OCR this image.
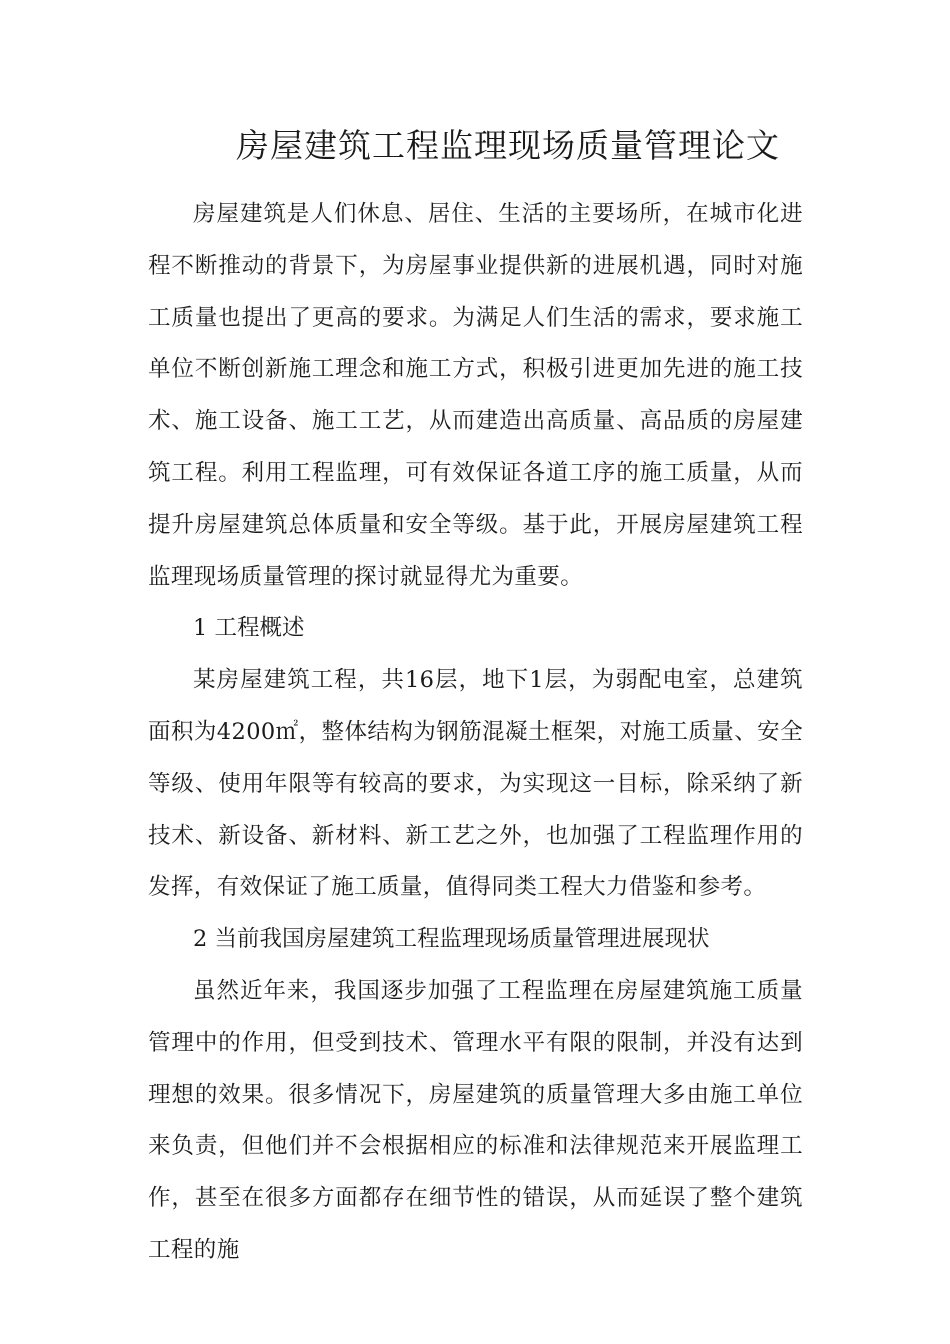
房屋建筑工程监理现场质量管理论文

房屋建筑是人们休息、居住、生活的主要场所，在城市化进程不断推动的背景下，为房屋事业提供新的进展机遇，同时对施工质量也提出了更高的要求。为满足人们生活的需求，要求施工单位不断创新施工理念和施工方式，积极引进更加先进的施工技术、施工设备、施工工艺，从而建造出高质量、高品质的房屋建筑工程。利用工程监理，可有效保证各道工序的施工质量，从而提升房屋建筑总体质量和安全等级。基于此，开展房屋建筑工程监理现场质量管理的探讨就显得尤为重要。

1 工程概述

某房屋建筑工程，共16层，地下1层，为弱配电室，总建筑面积为4200㎡，整体结构为钢筋混凝土框架，对施工质量、安全等级、使用年限等有较高的要求，为实现这一目标，除采纳了新技术、新设备、新材料、新工艺之外，也加强了工程监理作用的发挥，有效保证了施工质量，值得同类工程大力借鉴和参考。

2 当前我国房屋建筑工程监理现场质量管理进展现状

虽然近年来，我国逐步加强了工程监理在房屋建筑施工质量管理中的作用，但受到技术、管理水平有限的限制，并没有达到理想的效果。很多情况下，房屋建筑的质量管理大多由施工单位来负责，但他们并不会根据相应的标准和法律规范来开展监理工作，甚至在很多方面都存在细节性的错误，从而延误了整个建筑工程的施
